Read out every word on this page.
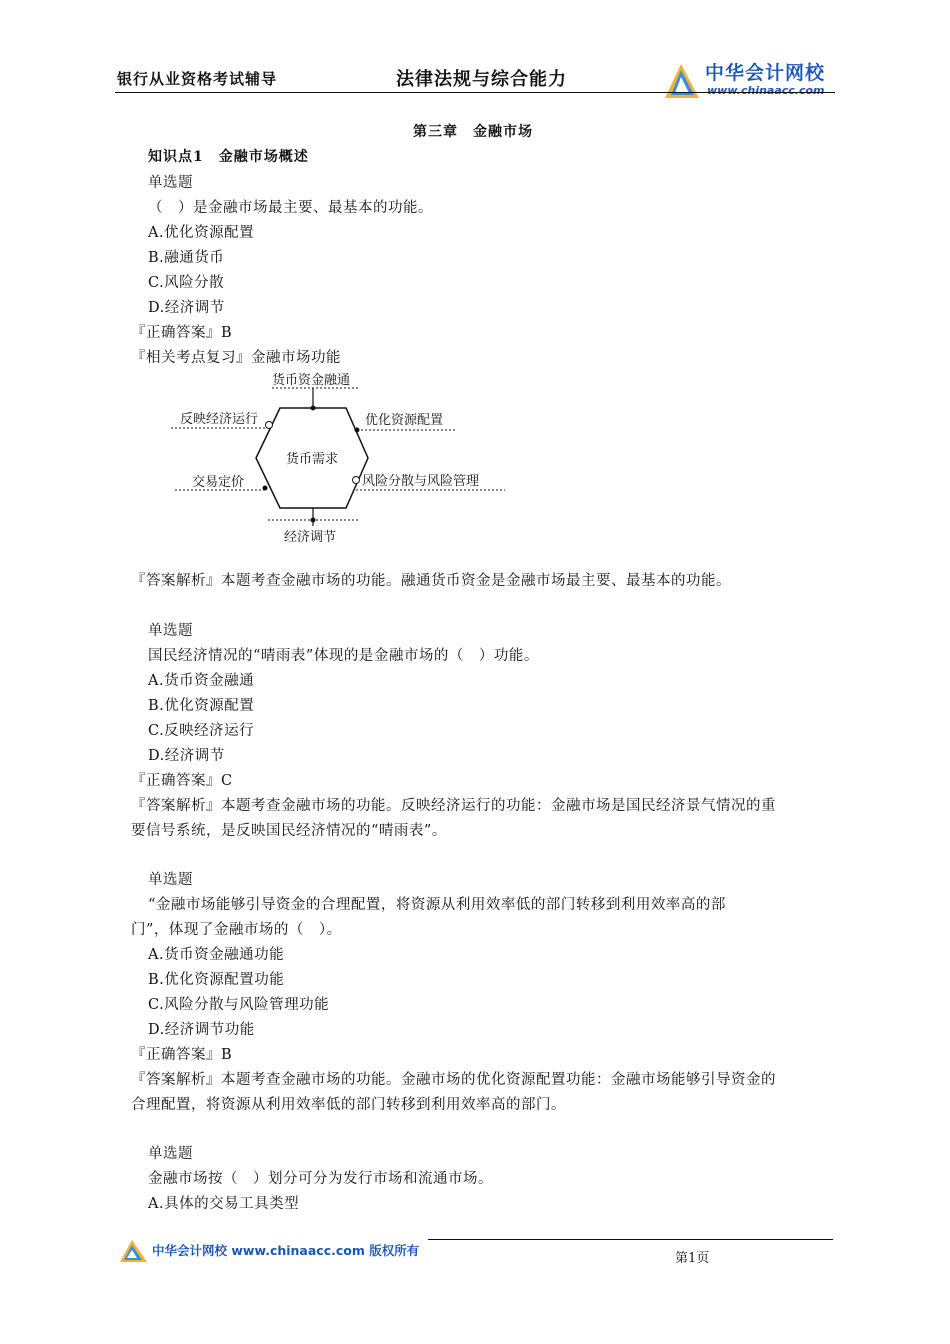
银行从业资格考试辅导	法律法规与综合能力	中华会计网校
www.chinaacc.com
第三章　金融市场
知识点1　金融市场概述
单选题
（　）是金融市场最主要、最基本的功能。
A.优化资源配置
B.融通货币
C.风险分散
D.经济调节
『正确答案』B
『相关考点复习』金融市场功能
货币需求
货币资金融通
反映经济运行	优化资源配置
交易定价	风险分散与风险管理
经济调节
『答案解析』本题考查金融市场的功能。融通货币资金是金融市场最主要、最基本的功能。
单选题
国民经济情况的“晴雨表”体现的是金融市场的（　）功能。
A.货币资金融通
B.优化资源配置
C.反映经济运行
D.经济调节
『正确答案』C
『答案解析』本题考查金融市场的功能。反映经济运行的功能：金融市场是国民经济景气情况的重
要信号系统，是反映国民经济情况的“晴雨表”。
单选题
“金融市场能够引导资金的合理配置，将资源从利用效率低的部门转移到利用效率高的部
门”，体现了金融市场的（　）。
A.货币资金融通功能
B.优化资源配置功能
C.风险分散与风险管理功能
D.经济调节功能
『正确答案』B
『答案解析』本题考查金融市场的功能。金融市场的优化资源配置功能：金融市场能够引导资金的
合理配置，将资源从利用效率低的部门转移到利用效率高的部门。
单选题
金融市场按（　）划分可分为发行市场和流通市场。
A.具体的交易工具类型
中华会计网校 www.chinaacc.com 版权所有
第1页
